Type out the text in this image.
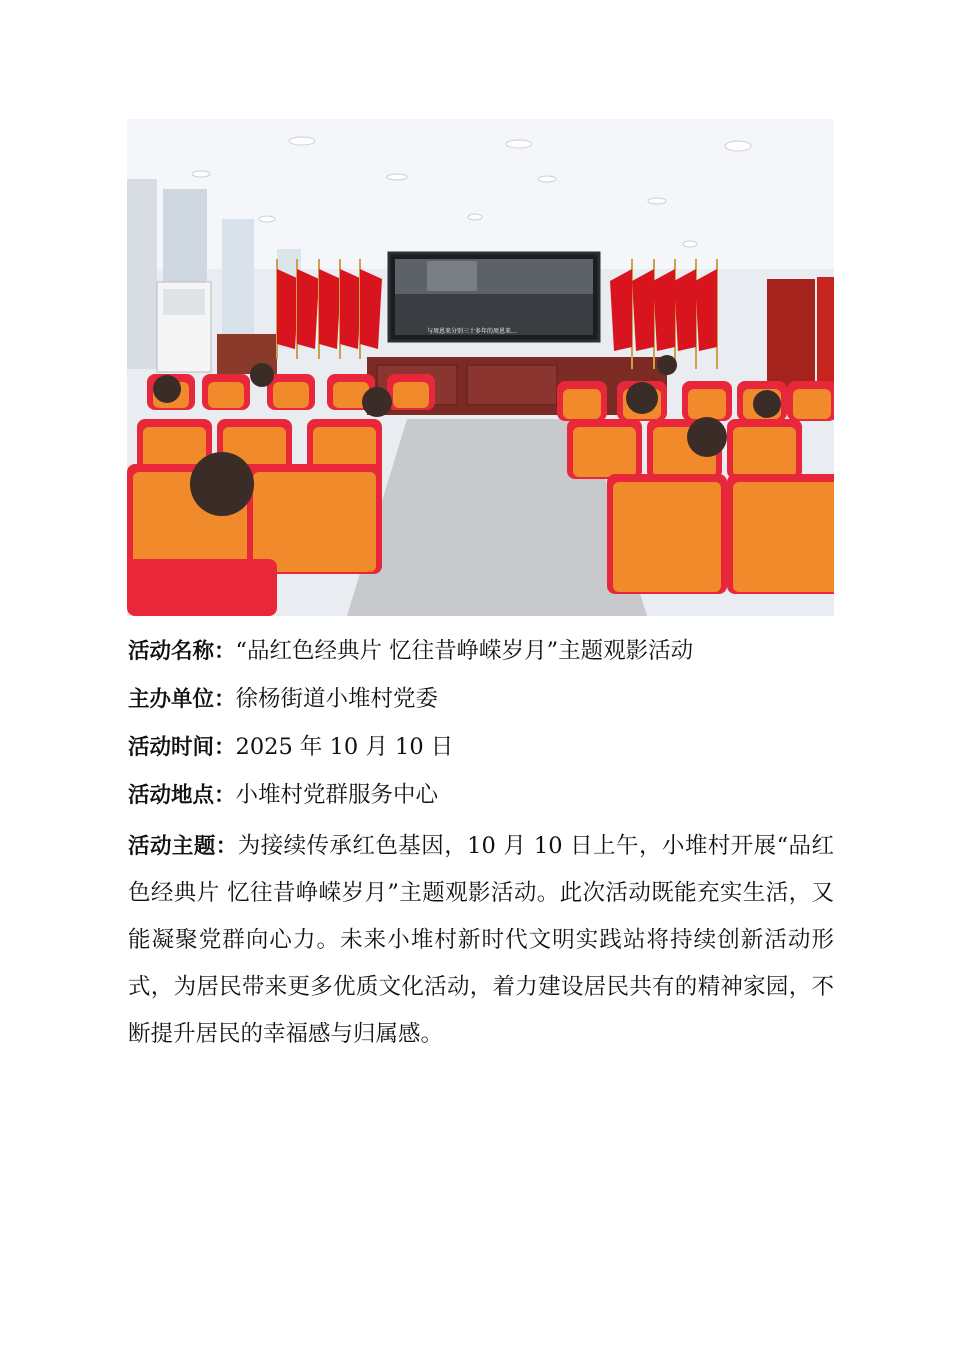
与周恩来分别三十多年的周恩来...
活动名称：“品红色经典片 忆往昔峥嵘岁月”主题观影活动
主办单位：徐杨街道小堆村党委
活动时间：2025 年 10 月 10 日
活动地点：小堆村党群服务中心
活动主题：为接续传承红色基因，10 月 10 日上午，小堆村开展“品红色经典片 忆往昔峥嵘岁月”主题观影活动。此次活动既能充实生活，又能凝聚党群向心力。未来小堆村新时代文明实践站将持续创新活动形式，为居民带来更多优质文化活动，着力建设居民共有的精神家园，不断提升居民的幸福感与归属感。
